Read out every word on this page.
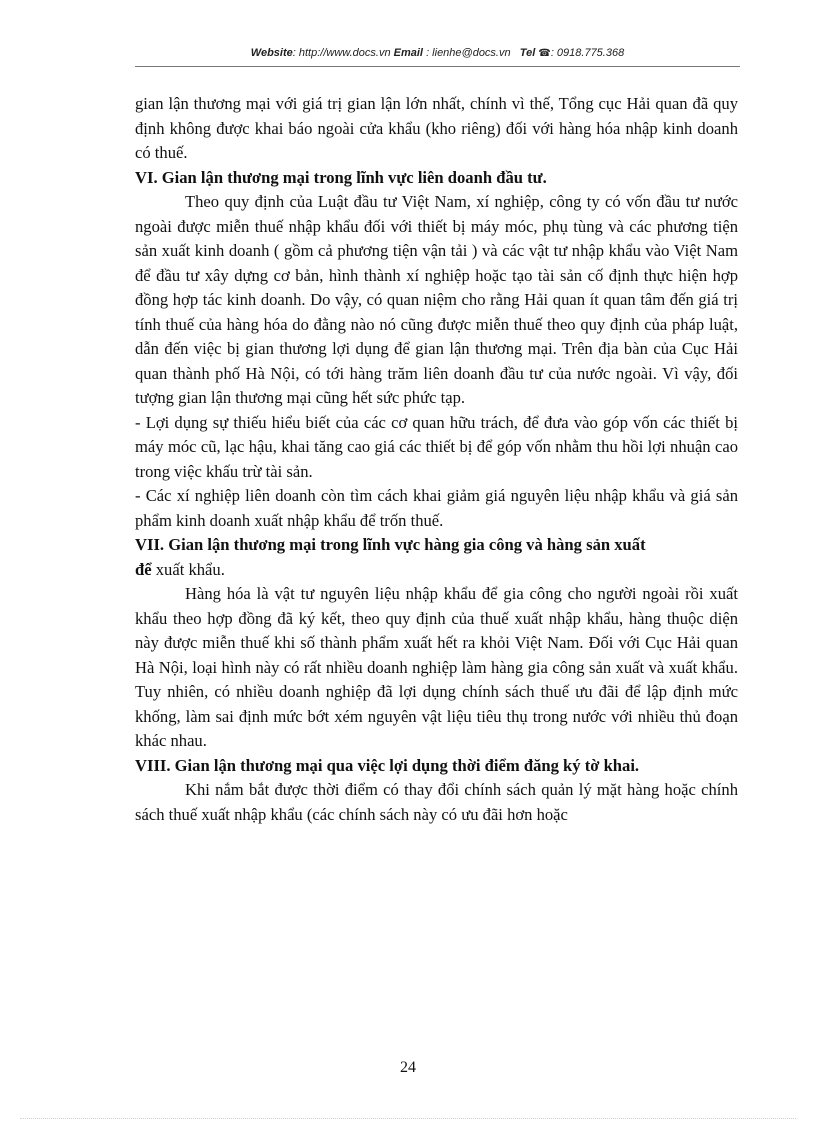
Website: http://www.docs.vn Email : lienhe@docs.vn Tel ☎: 0918.775.368

gian lận thương mại với giá trị gian lận lớn nhất, chính vì thế, Tổng cục Hải quan đã quy định không được khai báo ngoài cửa khẩu (kho riêng) đối với hàng hóa nhập kinh doanh có thuế.

VI. Gian lận thương mại trong lĩnh vực liên doanh đầu tư.

Theo quy định của Luật đầu tư Việt Nam, xí nghiệp, công ty có vốn đầu tư nước ngoài được miễn thuế nhập khẩu đối với thiết bị máy móc, phụ tùng và các phương tiện sản xuất kinh doanh ( gồm cả phương tiện vận tải ) và các vật tư nhập khẩu vào Việt Nam để đầu tư xây dựng cơ bản, hình thành xí nghiệp hoặc tạo tài sản cố định thực hiện hợp đồng hợp tác kinh doanh. Do vậy, có quan niệm cho rằng Hải quan ít quan tâm đến giá trị tính thuế của hàng hóa do đằng nào nó cũng được miễn thuế theo quy định của pháp luật, dẫn đến việc bị gian thương lợi dụng để gian lận thương mại. Trên địa bàn của Cục Hải quan thành phố Hà Nội, có tới hàng trăm liên doanh đầu tư của nước ngoài. Vì vậy, đối tượng gian lận thương mại cũng hết sức phức tạp.

- Lợi dụng sự thiếu hiểu biết của các cơ quan hữu trách, để đưa vào góp vốn các thiết bị máy móc cũ, lạc hậu, khai tăng cao giá các thiết bị để góp vốn nhằm thu hồi lợi nhuận cao trong việc khấu trừ tài sản.

- Các xí nghiệp liên doanh còn tìm cách khai giảm giá nguyên liệu nhập khẩu và giá sản phẩm kinh doanh xuất nhập khẩu để trốn thuế.

VII. Gian lận thương mại trong lĩnh vực hàng gia công và hàng sản xuất

để xuất khẩu.

Hàng hóa là vật tư nguyên liệu nhập khẩu để gia công cho người ngoài rồi xuất khẩu theo hợp đồng đã ký kết, theo quy định của thuế xuất nhập khẩu, hàng thuộc diện này được miễn thuế khi số thành phẩm xuất hết ra khỏi Việt Nam. Đối với Cục Hải quan Hà Nội, loại hình này có rất nhiều doanh nghiệp làm hàng gia công sản xuất và xuất khẩu. Tuy nhiên, có nhiều doanh nghiệp đã lợi dụng chính sách thuế ưu đãi để lập định mức khống, làm sai định mức bớt xém nguyên vật liệu tiêu thụ trong nước với nhiều thủ đoạn khác nhau.

VIII. Gian lận thương mại qua việc lợi dụng thời điểm đăng ký tờ khai.

Khi nắm bắt được thời điểm có thay đổi chính sách quản lý mặt hàng hoặc chính sách thuế xuất nhập khẩu (các chính sách này có ưu đãi hơn hoặc

24
